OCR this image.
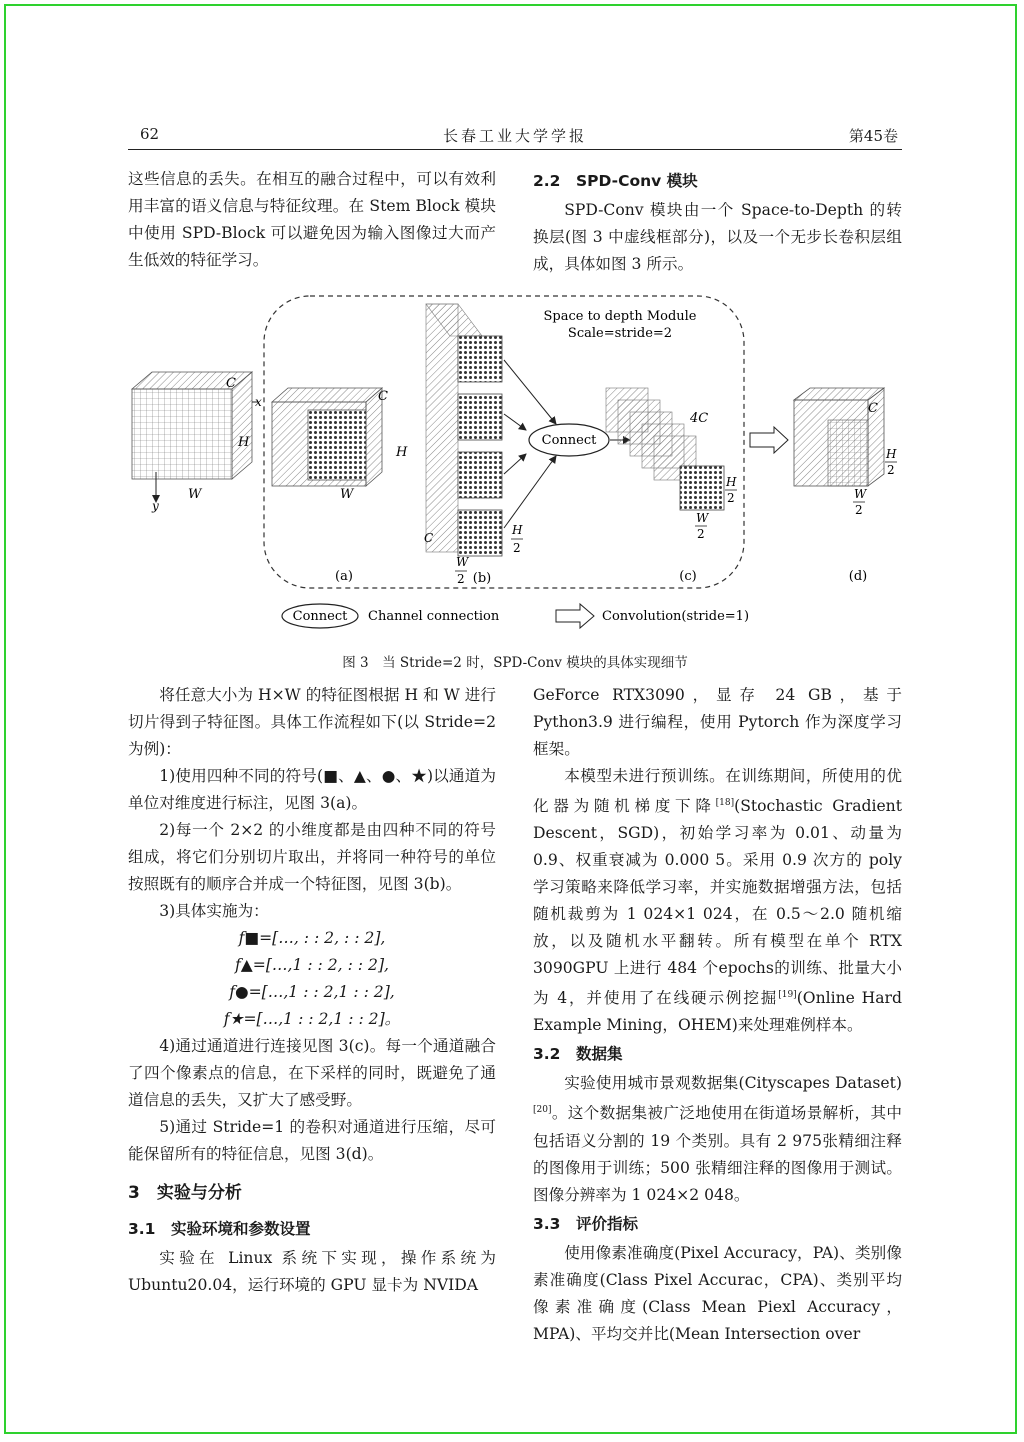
62	长春工业大学学报	第45卷

这些信息的丢失。在相互的融合过程中，可以有效利用丰富的语义信息与特征纹理。在 Stem Block 模块中使用 SPD-Block 可以避免因为输入图像过大而产生低效的特征学习。

2.2　SPD-Conv 模块

SPD-Conv 模块由一个 Space-to-Depth 的转换层(图 3 中虚线框部分)，以及一个无步长卷积层组成，具体如图 3 所示。

Space to depth Module
Scale=stride=2
x
y
C
H
W
C
H
W
C
H
2
W
2
Connect
4C
H
2
W
2
C
H
2
W
2
(a)	(b)	(c)	(d)
Connect Channel connection	Convolution(stride=1)
图 3　当 Stride=2 时，SPD-Conv 模块的具体实现细节

将任意大小为 H×W 的特征图根据 H 和 W 进行切片得到子特征图。具体工作流程如下(以 Stride=2 为例)：

1)使用四种不同的符号(■、▲、●、★)以通道为单位对维度进行标注，见图 3(a)。

2)每一个 2×2 的小维度都是由四种不同的符号组成，将它们分别切片取出，并将同一种符号的单位按照既有的顺序合并成一个特征图，见图 3(b)。

3)具体实施为：

f■=[…, : : 2, : : 2],

f▲=[…,1 : : 2, : : 2],

f●=[…,1 : : 2,1 : : 2],

f★=[…,1 : : 2,1 : : 2]。

4)通过通道进行连接见图 3(c)。每一个通道融合了四个像素点的信息，在下采样的同时，既避免了通道信息的丢失，又扩大了感受野。

5)通过 Stride=1 的卷积对通道进行压缩，尽可能保留所有的特征信息，见图 3(d)。

3　实验与分析
3.1　实验环境和参数设置

实验在 Linux 系统下实现，操作系统为 Ubuntu20.04，运行环境的 GPU 显卡为 NVIDA

GeForce RTX3090，显存 24 GB，基于 Python3.9 进行编程，使用 Pytorch 作为深度学习框架。

本模型未进行预训练。在训练期间，所使用的优化器为随机梯度下降[18](Stochastic Gradient Descent，SGD)，初始学习率为 0.01、动量为 0.9、权重衰减为 0.000 5。采用 0.9 次方的 poly 学习策略来降低学习率，并实施数据增强方法，包括随机裁剪为 1 024×1 024，在 0.5～2.0 随机缩放，以及随机水平翻转。所有模型在单个 RTX 3090GPU 上进行 484 个epochs的训练、批量大小为 4，并使用了在线硬示例挖掘[19](Online Hard Example Mining，OHEM)来处理难例样本。

3.2　数据集

实验使用城市景观数据集(Cityscapes Dataset)[20]。这个数据集被广泛地使用在街道场景解析，其中包括语义分割的 19 个类别。具有 2 975张精细注释的图像用于训练；500 张精细注释的图像用于测试。图像分辨率为 1 024×2 048。

3.3　评价指标

使用像素准确度(Pixel Accuracy，PA)、类别像素准确度(Class Pixel Accurac，CPA)、类别平均像素准确度(Class Mean Piexl Accuracy，MPA)、平均交并比(Mean Intersection over
